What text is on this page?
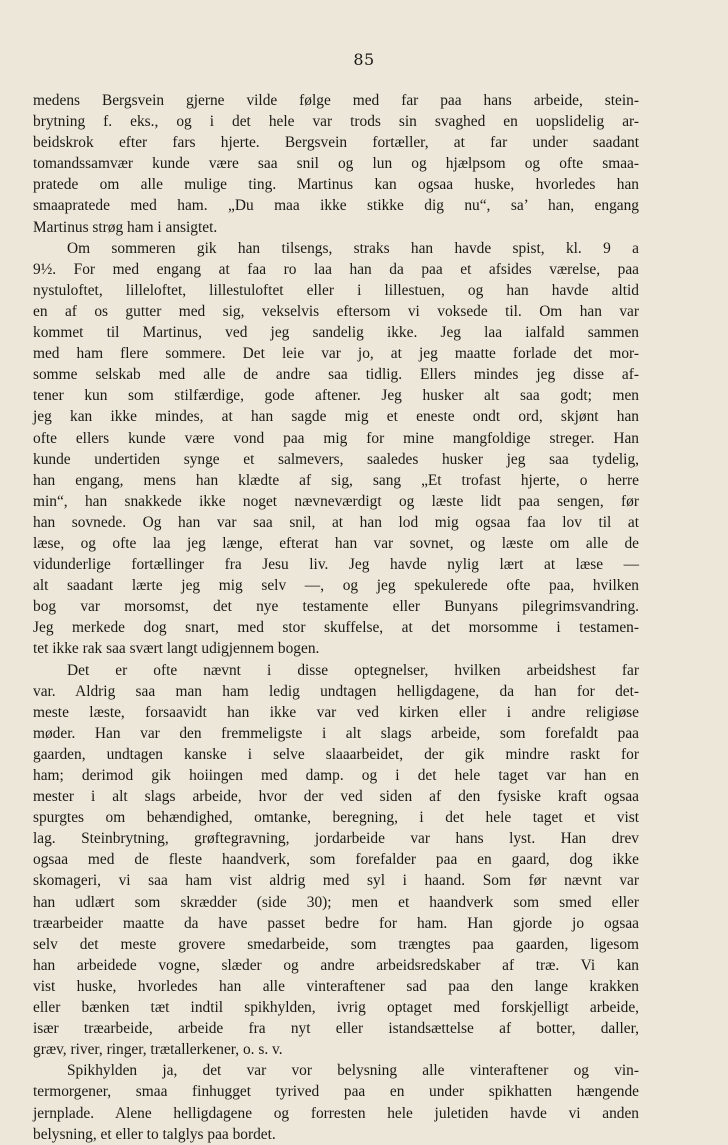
85
medens Bergsvein gjerne vilde følge med far paa hans arbeide, stein-
brytning f. eks., og i det hele var trods sin svaghed en uopslidelig ar-
beidskrok efter fars hjerte. Bergsvein fortæller, at far under saadant
tomandssamvær kunde være saa snil og lun og hjælpsom og ofte smaa-
pratede om alle mulige ting. Martinus kan ogsaa huske, hvorledes han
smaapratede med ham. „Du maa ikke stikke dig nu“, sa’ han, engang
Martinus strøg ham i ansigtet.
Om sommeren gik han tilsengs, straks han havde spist, kl. 9 a
9½. For med engang at faa ro laa han da paa et afsides værelse, paa
nystuloftet, lilleloftet, lillestuloftet eller i lillestuen, og han havde altid
en af os gutter med sig, vekselvis eftersom vi voksede til. Om han var
kommet til Martinus, ved jeg sandelig ikke. Jeg laa ialfald sammen
med ham flere sommere. Det leie var jo, at jeg maatte forlade det mor-
somme selskab med alle de andre saa tidlig. Ellers mindes jeg disse af-
tener kun som stilfærdige, gode aftener. Jeg husker alt saa godt; men
jeg kan ikke mindes, at han sagde mig et eneste ondt ord, skjønt han
ofte ellers kunde være vond paa mig for mine mangfoldige streger. Han
kunde undertiden synge et salmevers, saaledes husker jeg saa tydelig,
han engang, mens han klædte af sig, sang „Et trofast hjerte, o herre
min“, han snakkede ikke noget nævneværdigt og læste lidt paa sengen, før
han sovnede. Og han var saa snil, at han lod mig ogsaa faa lov til at
læse, og ofte laa jeg længe, efterat han var sovnet, og læste om alle de
vidunderlige fortællinger fra Jesu liv. Jeg havde nylig lært at læse —
alt saadant lærte jeg mig selv —, og jeg spekulerede ofte paa, hvilken
bog var morsomst, det nye testamente eller Bunyans pilegrimsvandring.
Jeg merkede dog snart, med stor skuffelse, at det morsomme i testamen-
tet ikke rak saa svært langt udigjennem bogen.
Det er ofte nævnt i disse optegnelser, hvilken arbeidshest far
var. Aldrig saa man ham ledig undtagen helligdagene, da han for det-
meste læste, forsaavidt han ikke var ved kirken eller i andre religiøse
møder. Han var den fremmeligste i alt slags arbeide, som forefaldt paa
gaarden, undtagen kanske i selve slaaarbeidet, der gik mindre raskt for
ham; derimod gik hoiingen med damp. og i det hele taget var han en
mester i alt slags arbeide, hvor der ved siden af den fysiske kraft ogsaa
spurgtes om behændighed, omtanke, beregning, i det hele taget et vist
lag. Steinbrytning, grøftegravning, jordarbeide var hans lyst. Han drev
ogsaa med de fleste haandverk, som forefalder paa en gaard, dog ikke
skomageri, vi saa ham vist aldrig med syl i haand. Som før nævnt var
han udlært som skrædder (side 30); men et haandverk som smed eller
træarbeider maatte da have passet bedre for ham. Han gjorde jo ogsaa
selv det meste grovere smedarbeide, som trængtes paa gaarden, ligesom
han arbeidede vogne, slæder og andre arbeidsredskaber af træ. Vi kan
vist huske, hvorledes han alle vinteraftener sad paa den lange krakken
eller bænken tæt indtil spikhylden, ivrig optaget med forskjelligt arbeide,
især træarbeide, arbeide fra nyt eller istandsættelse af botter, daller,
græv, river, ringer, trætallerkener, o. s. v.
Spikhylden ja, det var vor belysning alle vinteraftener og vin-
termorgener, smaa finhugget tyrived paa en under spikhatten hængende
jernplade. Alene helligdagene og forresten hele juletiden havde vi anden
belysning, et eller to talglys paa bordet.
